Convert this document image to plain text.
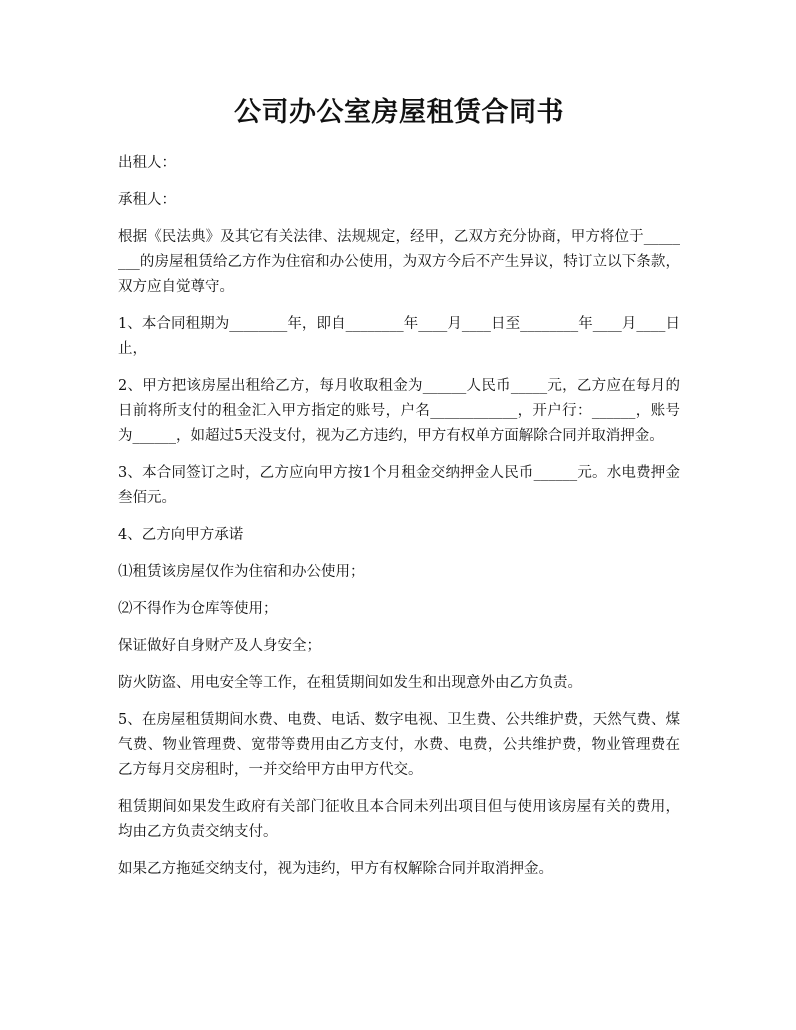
公司办公室房屋租赁合同书

出租人：

承租人：

根据《民法典》及其它有关法律、法规规定，经甲，乙双方充分协商，甲方将位于________的房屋租赁给乙方作为住宿和办公使用，为双方今后不产生异议，特订立以下条款，双方应自觉尊守。

1、本合同租期为________年，即自________年____月____日至________年____月____日止，

2、甲方把该房屋出租给乙方，每月收取租金为______人民币_____元，乙方应在每月的日前将所支付的租金汇入甲方指定的账号，户名____________，开户行：______，账号为______，如超过5天没支付，视为乙方违约，甲方有权单方面解除合同并取消押金。

3、本合同签订之时，乙方应向甲方按1个月租金交纳押金人民币______元。水电费押金叁佰元。

4、乙方向甲方承诺

⑴租赁该房屋仅作为住宿和办公使用；

⑵不得作为仓库等使用；

保证做好自身财产及人身安全；

防火防盗、用电安全等工作，在租赁期间如发生和出现意外由乙方负责。

5、在房屋租赁期间水费、电费、电话、数字电视、卫生费、公共维护费，天然气费、煤气费、物业管理费、宽带等费用由乙方支付，水费、电费，公共维护费，物业管理费在乙方每月交房租时，一并交给甲方由甲方代交。

租赁期间如果发生政府有关部门征收且本合同未列出项目但与使用该房屋有关的费用，均由乙方负责交纳支付。

如果乙方拖延交纳支付，视为违约，甲方有权解除合同并取消押金。
